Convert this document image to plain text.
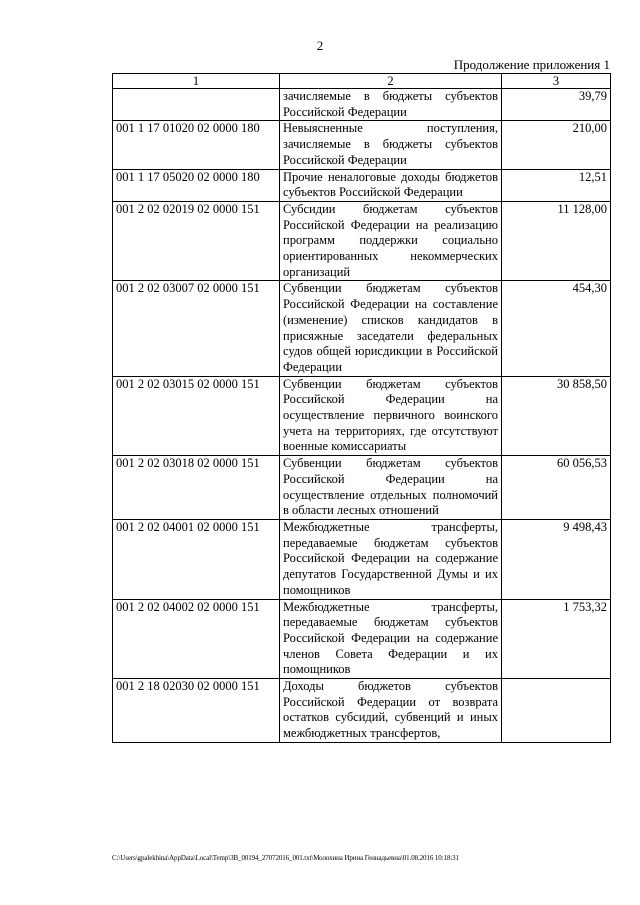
2
Продолжение приложения 1
1	2	3
	зачисляемые в бюджеты субъектов Российской Федерации	39,79
001 1 17 01020 02 0000 180	Невыясненные поступления, зачисляемые в бюджеты субъектов Российской Федерации	210,00
001 1 17 05020 02 0000 180	Прочие неналоговые доходы бюджетов субъектов Российской Федерации	12,51
001 2 02 02019 02 0000 151	Субсидии бюджетам субъектов Российской Федерации на реализацию программ поддержки социально ориентированных некоммерческих организаций	11 128,00
001 2 02 03007 02 0000 151	Субвенции бюджетам субъектов Российской Федерации на составление (изменение) списков кандидатов в присяжные заседатели федеральных судов общей юрисдикции в Российской Федерации	454,30
001 2 02 03015 02 0000 151	Субвенции бюджетам субъектов Российской Федерации на осуществление первичного воинского учета на территориях, где отсутствуют военные комиссариаты	30 858,50
001 2 02 03018 02 0000 151	Субвенции бюджетам субъектов Российской Федерации на осуществление отдельных полномочий в области лесных отношений	60 056,53
001 2 02 04001 02 0000 151	Межбюджетные трансферты, передаваемые бюджетам субъектов Российской Федерации на содержание депутатов Государственной Думы и их помощников	9 498,43
001 2 02 04002 02 0000 151	Межбюджетные трансферты, передаваемые бюджетам субъектов Российской Федерации на содержание членов Совета Федерации и их помощников	1 753,32
001 2 18 02030 02 0000 151	Доходы бюджетов субъектов Российской Федерации от возврата остатков субсидий, субвенций и иных межбюджетных трансфертов,	
C:\Users\gpalekhina\AppData\Local\Temp\3B_00194_27072016_001.txt\Молохина Ирина Геннадьевна\01.08.2016 10:18:31
